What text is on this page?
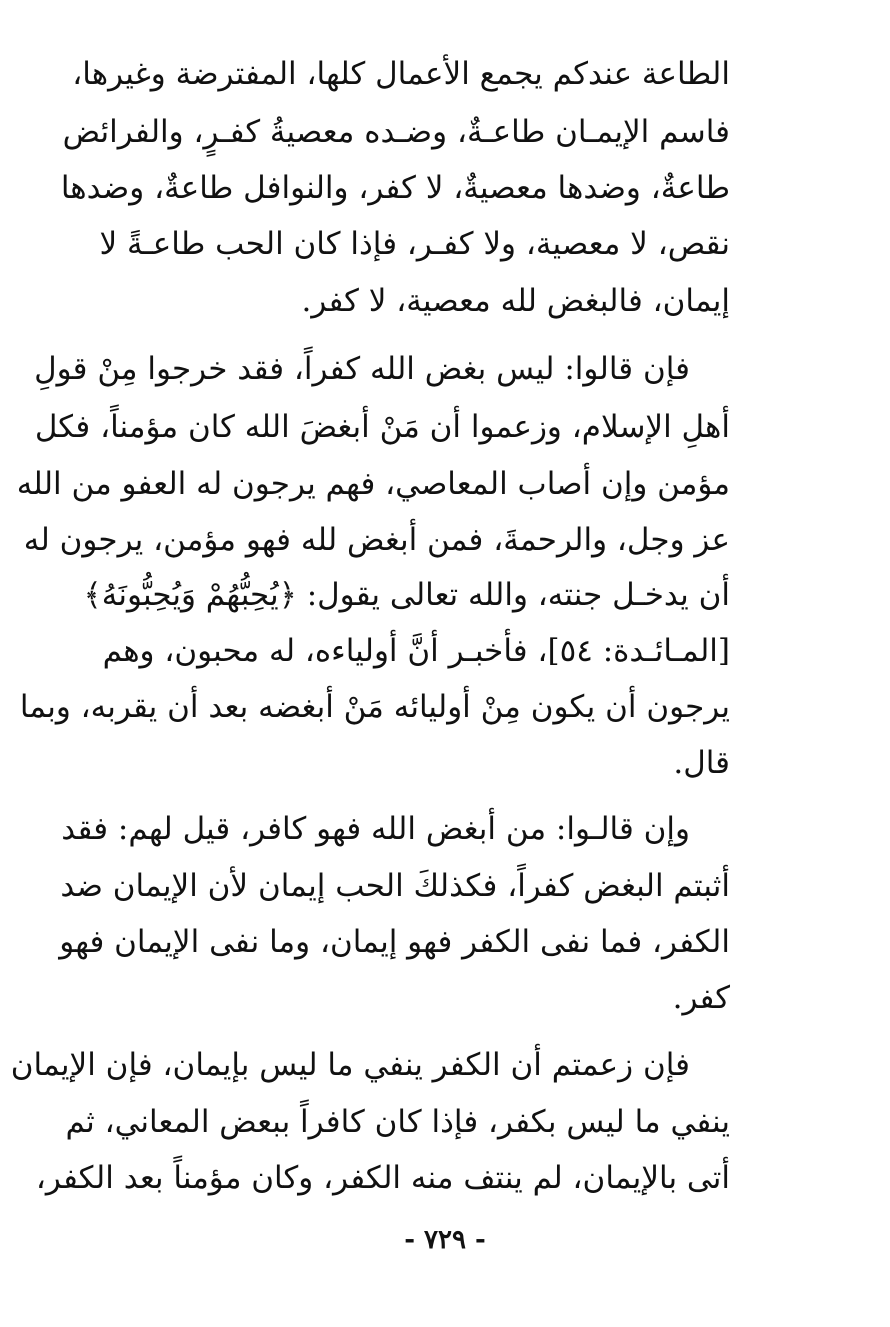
الطاعة عندكم يجمع الأعمال كلها، المفترضة وغيرها،
فاسم الإيمـان طاعـةٌ، وضـده معصيةُ كفـرٍ، والفرائض
طاعةٌ، وضدها معصيةٌ، لا كفر، والنوافل طاعةٌ، وضدها
نقص، لا معصية، ولا كفـر، فإذا كان الحب طاعـةً لا
إيمان، فالبغض لله معصية، لا كفر.
فإن قالوا: ليس بغض الله كفراً، فقد خرجوا مِنْ قولِ
أهلِ الإسلام، وزعموا أن مَنْ أبغضَ الله كان مؤمناً، فكل
مؤمن وإن أصاب المعاصي، فهم يرجون له العفو من الله
عز وجل، والرحمةَ، فمن أبغض لله فهو مؤمن، يرجون له
أن يدخـل جنته، والله تعالى يقول: ﴿يُحِبُّهُمْ وَيُحِبُّونَهُ﴾
[المـائـدة: ٥٤]، فأخبـر أنَّ أولياءه، له محبون، وهم
يرجون أن يكون مِنْ أوليائه مَنْ أبغضه بعد أن يقربه، وبما
قال.
وإن قالـوا: من أبغض الله فهو كافر، قيل لهم: فقد
أثبتم البغض كفراً، فكذلكَ الحب إيمان لأن الإيمان ضد
الكفر، فما نفى الكفر فهو إيمان، وما نفى الإيمان فهو
كفر.
فإن زعمتم أن الكفر ينفي ما ليس بإيمان، فإن الإيمان
ينفي ما ليس بكفر، فإذا كان كافراً ببعض المعاني، ثم
أتى بالإيمان، لم ينتف منه الكفر، وكان مؤمناً بعد الكفر،
- ٧٢٩ -
